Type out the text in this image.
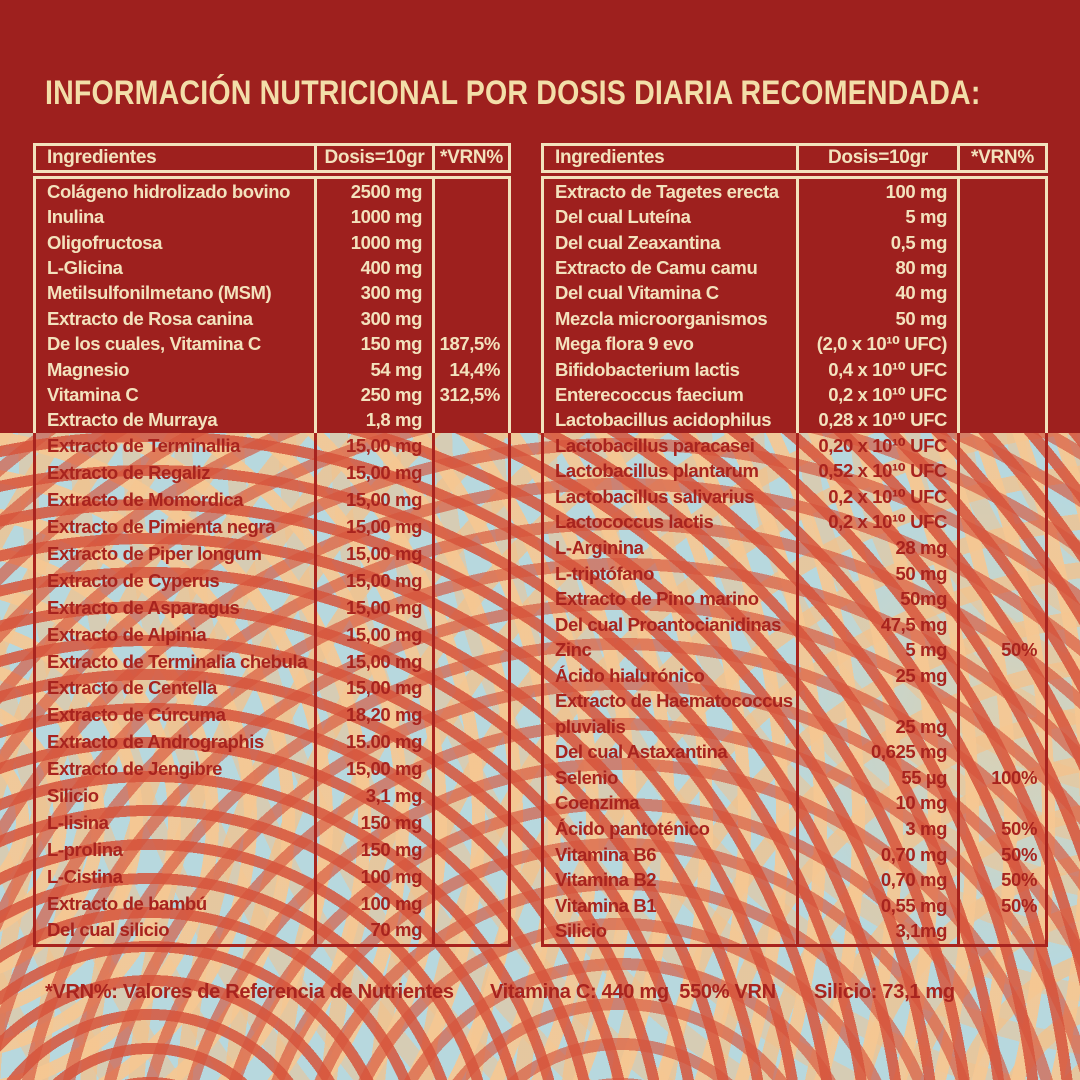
INFORMACIÓN NUTRICIONAL POR DOSIS DIARIA RECOMENDADA:
Ingredientes	Dosis=10gr *VRN%
Colágeno hidrolizado bovino	2500 mg
Inulina	1000 mg
Oligofructosa	1000 mg
L-Glicina	400 mg
Metilsulfonilmetano (MSM)	300 mg
Extracto de Rosa canina	300 mg
De los cuales, Vitamina C	150 mg 187,5%
Magnesio	54 mg	14,4%
Vitamina C	250 mg 312,5%
Extracto de Murraya	1,8 mg
Extracto de Terminallia	15,00 mg
Extracto de Regaliz	15,00 mg
Extracto de Momordica	15,00 mg
Extracto de Pimienta negra	15,00 mg
Extracto de Piper longum	15,00 mg
Extracto de Cyperus	15,00 mg
Extracto de Asparagus	15,00 mg
Extracto de Alpinia	15,00 mg
Extracto de Terminalia chebula	15,00 mg
Extracto de Centella	15,00 mg
Extracto de Cúrcuma	18,20 mg
Extracto de Andrographis	15.00 mg
Extracto de Jengibre	15,00 mg
Silicio	3,1 mg
L-lisina	150 mg
L-prolina	150 mg
L-Cistina	100 mg
Extracto de bambú	100 mg
Del cual silicio	70 mg
Ingredientes	Dosis=10gr	*VRN%
Extracto de Tagetes erecta	100 mg
Del cual Luteína	5 mg
Del cual Zeaxantina	0,5 mg
Extracto de Camu camu	80 mg
Del cual Vitamina C	40 mg
Mezcla microorganismos	50 mg
Mega flora 9 evo	(2,0 x 10¹⁰ UFC)
Bifidobacterium lactis	0,4 x 10¹⁰ UFC
Enterecoccus faecium	0,2 x 10¹⁰ UFC
Lactobacillus acidophilus	0,28 x 10¹⁰ UFC
Lactobacillus paracasei	0,20 x 10¹⁰ UFC
Lactobacillus plantarum	0,52 x 10¹⁰ UFC
Lactobacillus salivarius	0,2 x 10¹⁰ UFC
Lactococcus lactis	0,2 x 10¹⁰ UFC
L-Arginina	28 mg
L-triptófano	50 mg
Extracto de Pino marino	50mg
Del cual Proantocianidinas	47,5 mg
Zinc	5 mg	50%
Ácido hialurónico	25 mg
Extracto de Haematococcus
pluvialis	25 mg
Del cual Astaxantina	0,625 mg
Selenio	55 µg	100%
Coenzima	10 mg
Ácido pantoténico	3 mg	50%
Vitamina B6	0,70 mg	50%
Vitamina B2	0,70 mg	50%
Vitamina B1	0,55 mg	50%
Silicio	3,1mg
*VRN%: Valores de Referencia de Nutrientes Vitamina C: 440 mg  550% VRN Silicio: 73,1 mg
